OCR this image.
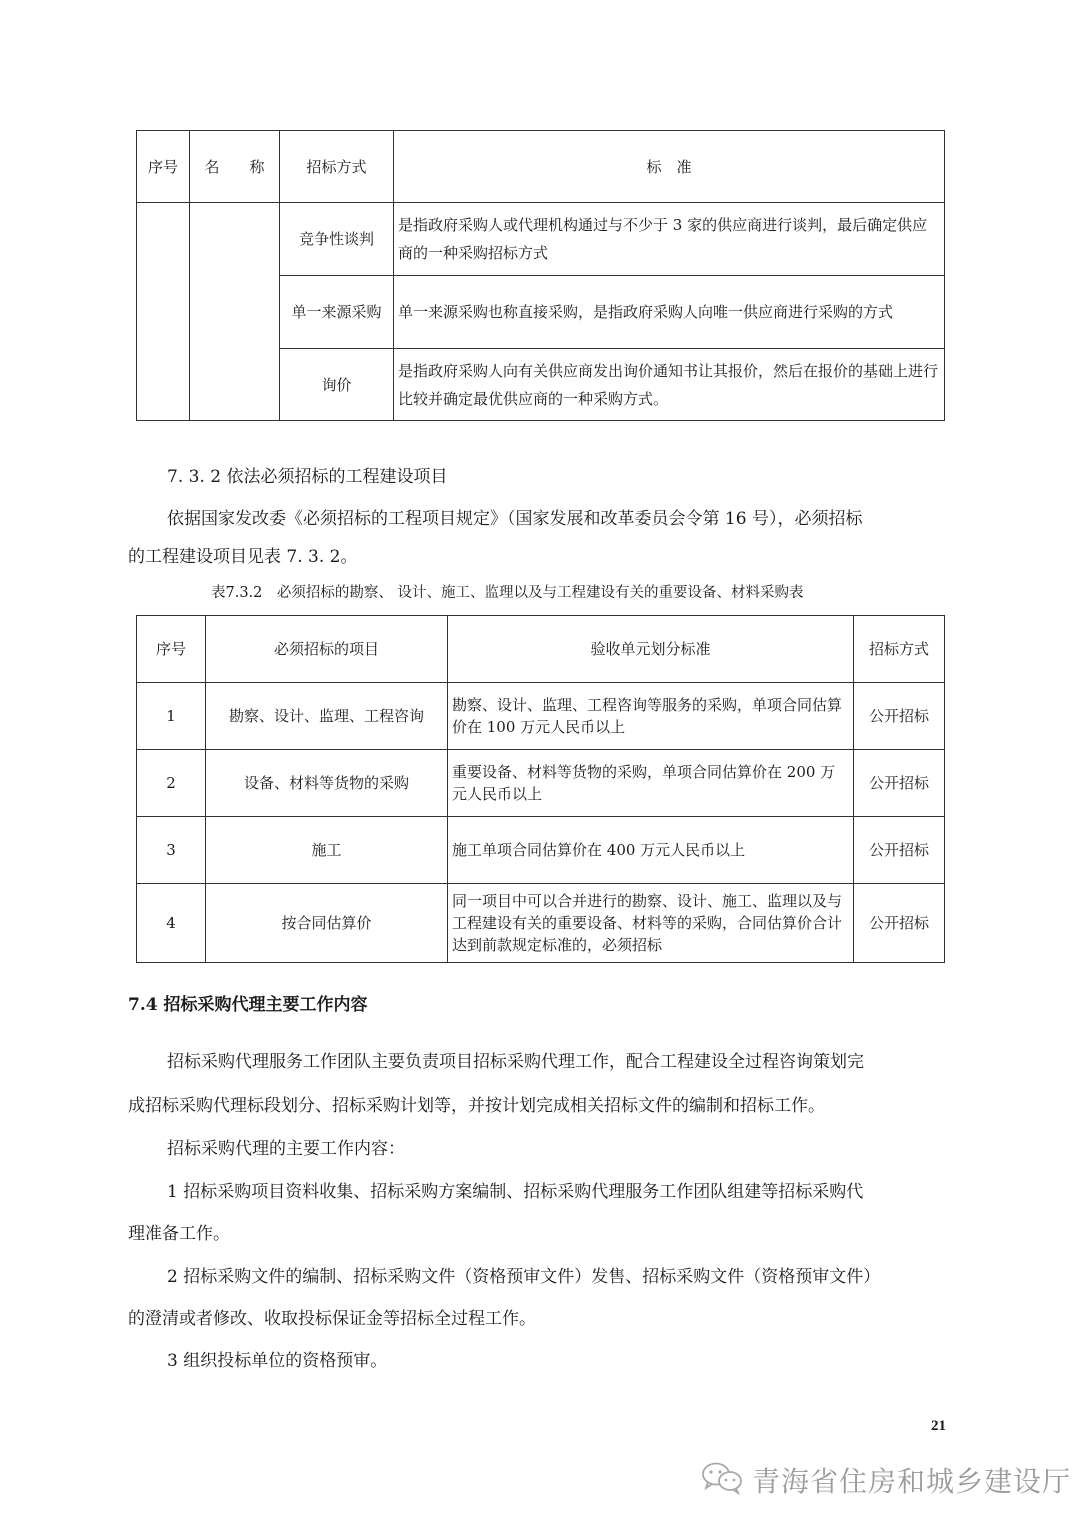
序号	名　　称	招标方式	标　准
		竞争性谈判	是指政府采购人或代理机构通过与不少于 3 家的供应商进行谈判，最后确定供应商的一种采购招标方式
		单一来源采购	单一来源采购也称直接采购，是指政府采购人向唯一供应商进行采购的方式
		询价	是指政府采购人向有关供应商发出询价通知书让其报价，然后在报价的基础上进行比较并确定最优供应商的一种采购方式。
7. 3. 2 依法必须招标的工程建设项目
依据国家发改委《必须招标的工程项目规定》（国家发展和改革委员会令第 16 号），必须招标
的工程建设项目见表 7. 3. 2。
表7.3.2　必须招标的勘察、 设计、施工、监理以及与工程建设有关的重要设备、材料采购表
序号	必须招标的项目	验收单元划分标准	招标方式
1	勘察、设计、监理、工程咨询	勘察、设计、监理、工程咨询等服务的采购，单项合同估算价在 100 万元人民币以上	公开招标
2	设备、材料等货物的采购	重要设备、材料等货物的采购，单项合同估算价在 200 万元人民币以上	公开招标
3	施工	施工单项合同估算价在 400 万元人民币以上	公开招标
4	按合同估算价	同一项目中可以合并进行的勘察、设计、施工、监理以及与工程建设有关的重要设备、材料等的采购，合同估算价合计达到前款规定标准的，必须招标	公开招标
7.4 招标采购代理主要工作内容
招标采购代理服务工作团队主要负责项目招标采购代理工作，配合工程建设全过程咨询策划完
成招标采购代理标段划分、招标采购计划等，并按计划完成相关招标文件的编制和招标工作。
招标采购代理的主要工作内容：
1 招标采购项目资料收集、招标采购方案编制、招标采购代理服务工作团队组建等招标采购代
理准备工作。
2 招标采购文件的编制、招标采购文件（资格预审文件）发售、招标采购文件（资格预审文件）
的澄清或者修改、收取投标保证金等招标全过程工作。
3 组织投标单位的资格预审。
21
青海省住房和城乡建设厅
